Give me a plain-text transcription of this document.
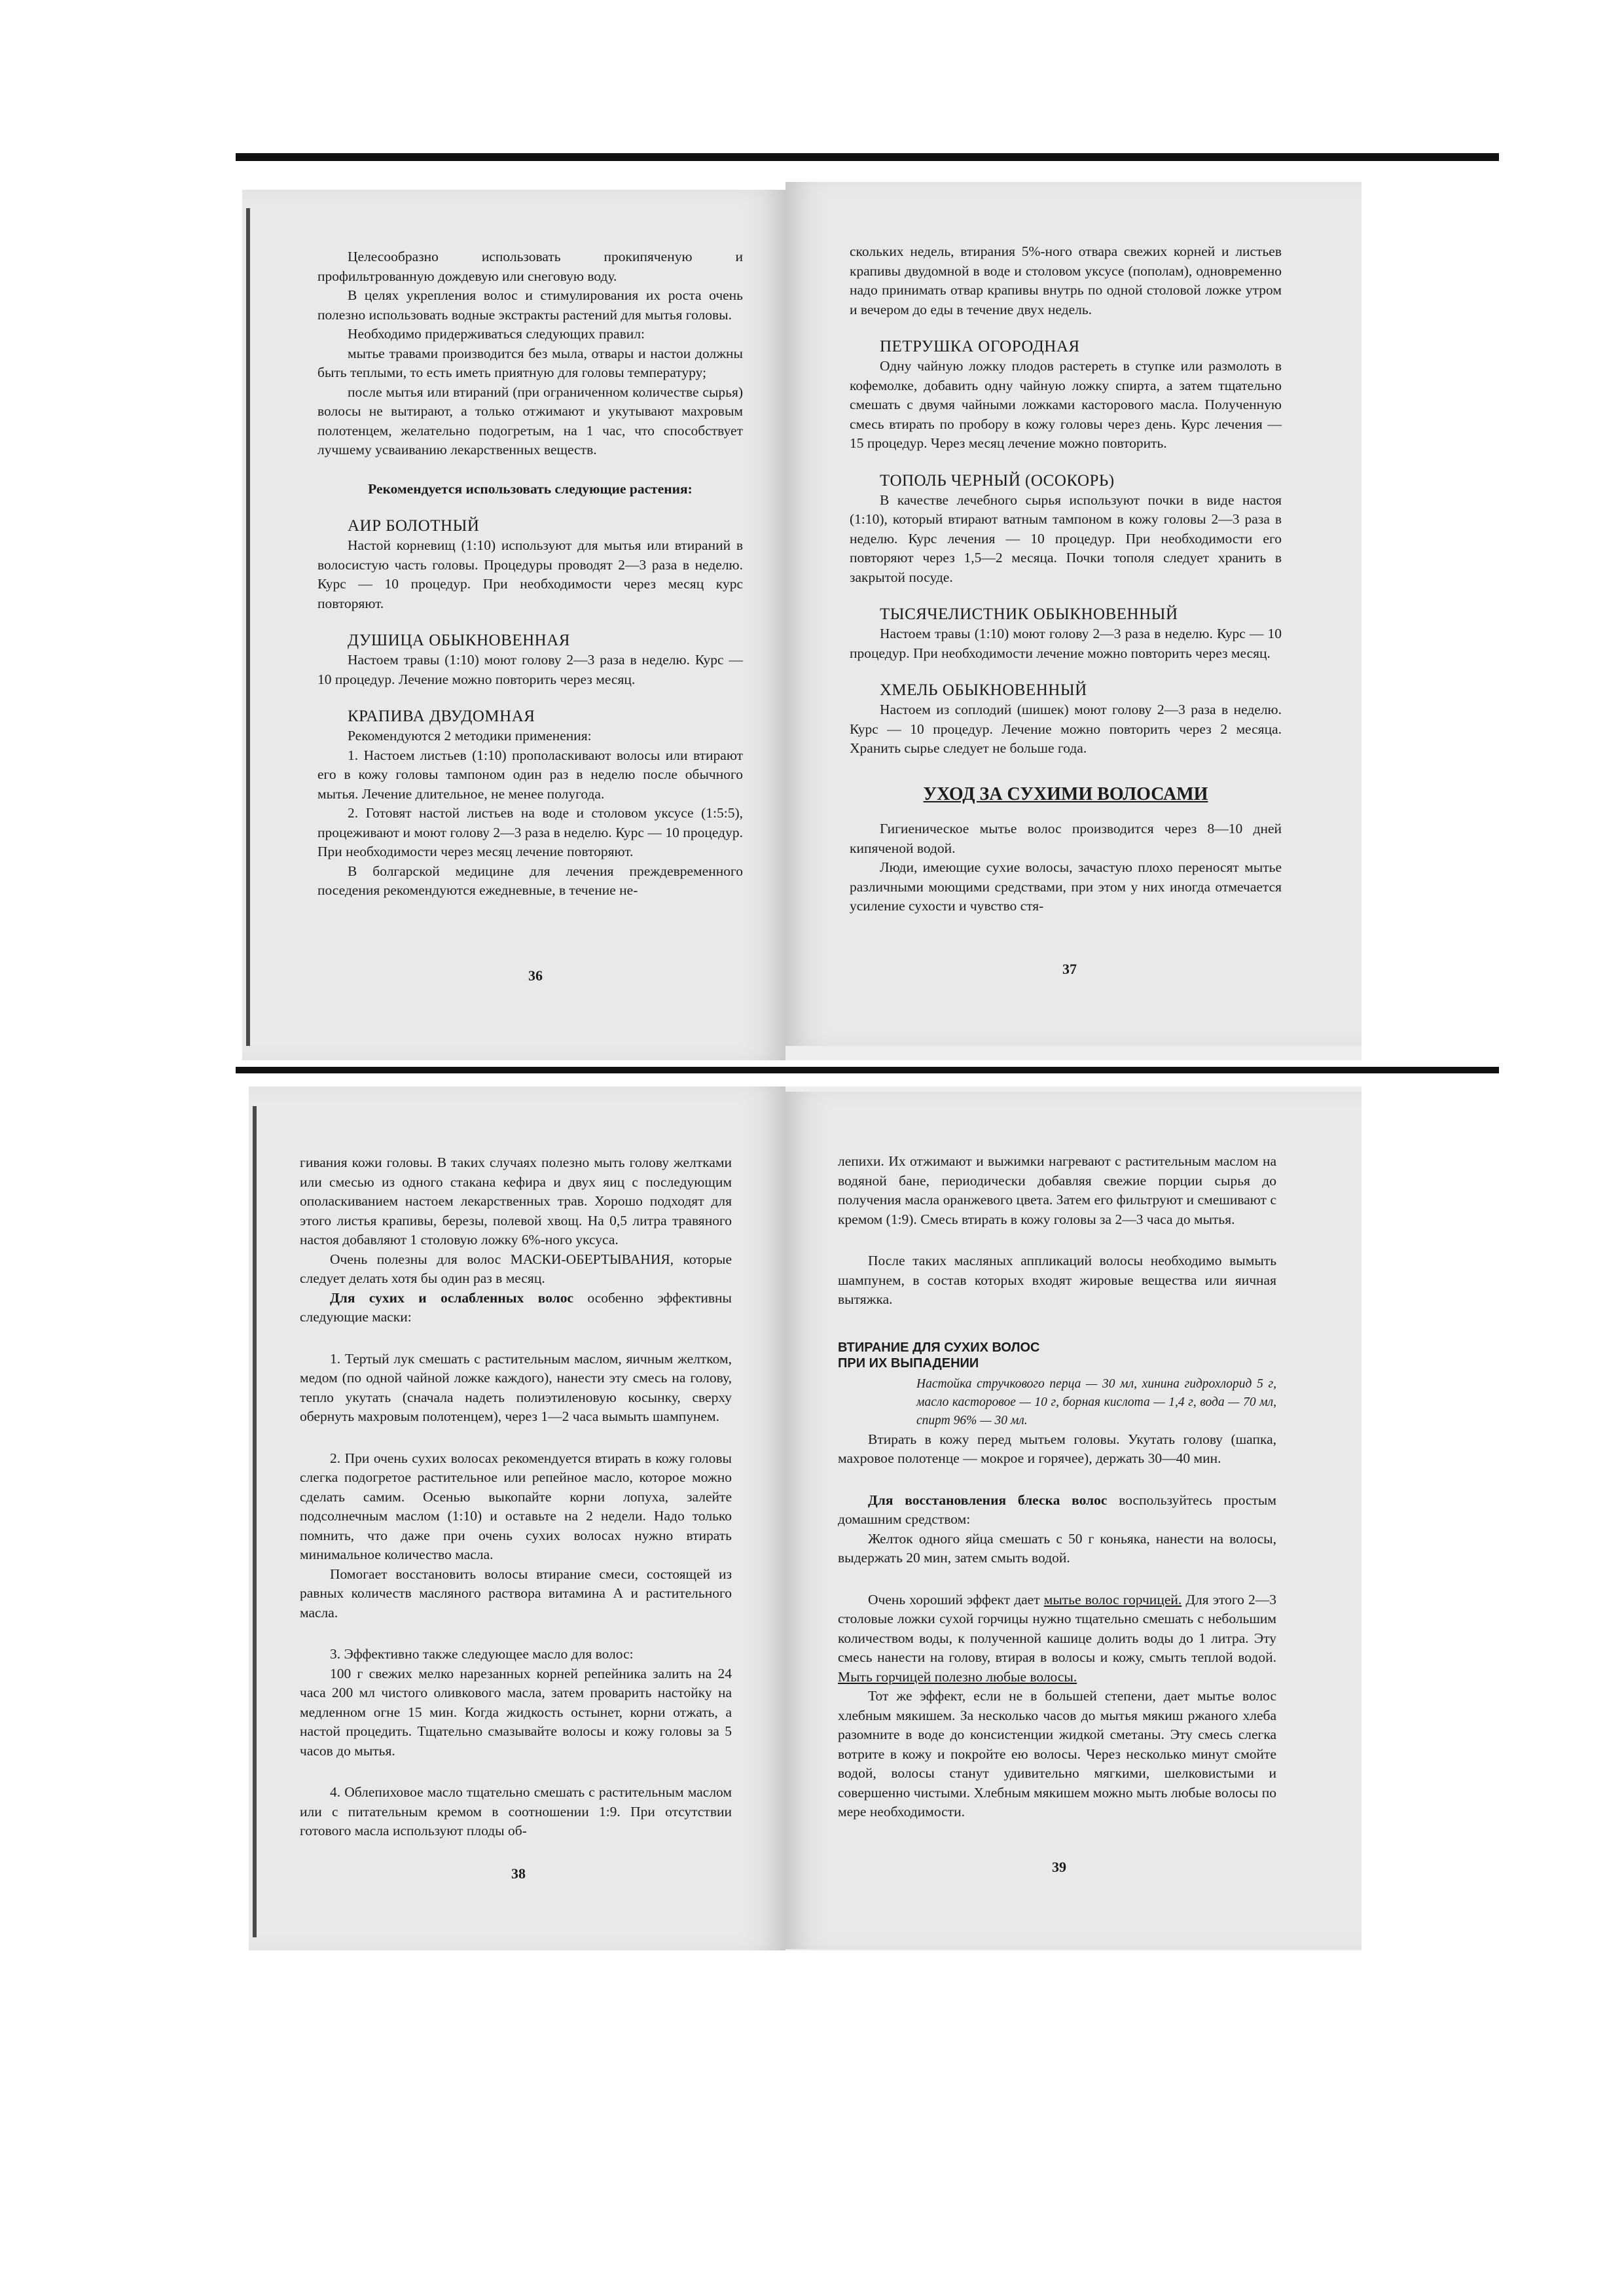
Целесообразно использовать прокипяченую и профильтрованную дождевую или снеговую воду.

В целях укрепления волос и стимулирования их роста очень полезно использовать водные экстракты растений для мытья головы.

Необходимо придерживаться следующих правил:

мытье травами производится без мыла, отвары и настои должны быть теплыми, то есть иметь приятную для головы температуру;

после мытья или втираний (при ограниченном количестве сырья) волосы не вытирают, а только отжимают и укутывают махровым полотенцем, желательно подогретым, на 1 час, что способствует лучшему усваиванию лекарственных веществ.

Рекомендуется использовать следующие растения:
АИР БОЛОТНЫЙ

Настой корневищ (1:10) используют для мытья или втираний в волосистую часть головы. Процедуры проводят 2—3 раза в неделю. Курс — 10 процедур. При необходимости через месяц курс повторяют.

ДУШИЦА ОБЫКНОВЕННАЯ

Настоем травы (1:10) моют голову 2—3 раза в неделю. Курс — 10 процедур. Лечение можно повторить через месяц.

КРАПИВА ДВУДОМНАЯ

Рекомендуются 2 методики применения:

1. Настоем листьев (1:10) прополаскивают волосы или втирают его в кожу головы тампоном один раз в неделю после обычного мытья. Лечение длительное, не менее полугода.

2. Готовят настой листьев на воде и столовом уксусе (1:5:5), процеживают и моют голову 2—3 раза в неделю. Курс — 10 процедур. При необходимости через месяц лечение повторяют.

В болгарской медицине для лечения преждевременного поседения рекомендуются ежедневные, в течение не-

36

скольких недель, втирания 5%-ного отвара свежих корней и листьев крапивы двудомной в воде и столовом уксусе (пополам), одновременно надо принимать отвар крапивы внутрь по одной столовой ложке утром и вечером до еды в течение двух недель.

ПЕТРУШКА ОГОРОДНАЯ

Одну чайную ложку плодов растереть в ступке или размолоть в кофемолке, добавить одну чайную ложку спирта, а затем тщательно смешать с двумя чайными ложками касторового масла. Полученную смесь втирать по пробору в кожу головы через день. Курс лечения — 15 процедур. Через месяц лечение можно повторить.

ТОПОЛЬ ЧЕРНЫЙ (ОСОКОРЬ)

В качестве лечебного сырья используют почки в виде настоя (1:10), который втирают ватным тампоном в кожу головы 2—3 раза в неделю. Курс лечения — 10 процедур. При необходимости его повторяют через 1,5—2 месяца. Почки тополя следует хранить в закрытой посуде.

ТЫСЯЧЕЛИСТНИК ОБЫКНОВЕННЫЙ

Настоем травы (1:10) моют голову 2—3 раза в неделю. Курс — 10 процедур. При необходимости лечение можно повторить через месяц.

ХМЕЛЬ ОБЫКНОВЕННЫЙ

Настоем из соплодий (шишек) моют голову 2—3 раза в неделю. Курс — 10 процедур. Лечение можно повторить через 2 месяца. Хранить сырье следует не больше года.

УХОД ЗА СУХИМИ ВОЛОСАМИ

Гигиеническое мытье волос производится через 8—10 дней кипяченой водой.

Люди, имеющие сухие волосы, зачастую плохо переносят мытье различными моющими средствами, при этом у них иногда отмечается усиление сухости и чувство стя-

37

гивания кожи головы. В таких случаях полезно мыть голову желтками или смесью из одного стакана кефира и двух яиц с последующим ополаскиванием настоем лекарственных трав. Хорошо подходят для этого листья крапивы, березы, полевой хвощ. На 0,5 литра травяного настоя добавляют 1 столовую ложку 6%-ного уксуса.

Очень полезны для волос МАСКИ-ОБЕРТЫВАНИЯ, которые следует делать хотя бы один раз в месяц.

Для сухих и ослабленных волос особенно эффективны следующие маски:

1. Тертый лук смешать с растительным маслом, яичным желтком, медом (по одной чайной ложке каждого), нанести эту смесь на голову, тепло укутать (сначала надеть полиэтиленовую косынку, сверху обернуть махровым полотенцем), через 1—2 часа вымыть шампунем.

2. При очень сухих волосах рекомендуется втирать в кожу головы слегка подогретое растительное или репейное масло, которое можно сделать самим. Осенью выкопайте корни лопуха, залейте подсолнечным маслом (1:10) и оставьте на 2 недели. Надо только помнить, что даже при очень сухих волосах нужно втирать минимальное количество масла.

Помогает восстановить волосы втирание смеси, состоящей из равных количеств масляного раствора витамина А и растительного масла.

3. Эффективно также следующее масло для волос:

100 г свежих мелко нарезанных корней репейника залить на 24 часа 200 мл чистого оливкового масла, затем проварить настойку на медленном огне 15 мин. Когда жидкость остынет, корни отжать, а настой процедить. Тщательно смазывайте волосы и кожу головы за 5 часов до мытья.

4. Облепиховое масло тщательно смешать с растительным маслом или с питательным кремом в соотношении 1:9. При отсутствии готового масла используют плоды об-

38

лепихи. Их отжимают и выжимки нагревают с растительным маслом на водяной бане, периодически добавляя свежие порции сырья до получения масла оранжевого цвета. Затем его фильтруют и смешивают с кремом (1:9). Смесь втирать в кожу головы за 2—3 часа до мытья.

После таких масляных аппликаций волосы необходимо вымыть шампунем, в состав которых входят жировые вещества или яичная вытяжка.

ВТИРАНИЕ ДЛЯ СУХИХ ВОЛОС
ПРИ ИХ ВЫПАДЕНИИ

Настойка стручкового перца — 30 мл, хинина гидрохлорид 5 г, масло касторовое — 10 г, борная кислота — 1,4 г, вода — 70 мл, спирт 96% — 30 мл.

Втирать в кожу перед мытьем головы. Укутать голову (шапка, махровое полотенце — мокрое и горячее), держать 30—40 мин.

Для восстановления блеска волос воспользуйтесь простым домашним средством:

Желток одного яйца смешать с 50 г коньяка, нанести на волосы, выдержать 20 мин, затем смыть водой.

Очень хороший эффект дает мытье волос горчицей. Для этого 2—3 столовые ложки сухой горчицы нужно тщательно смешать с небольшим количеством воды, к полученной кашице долить воды до 1 литра. Эту смесь нанести на голову, втирая в волосы и кожу, смыть теплой водой. Мыть горчицей полезно любые волосы.

Тот же эффект, если не в большей степени, дает мытье волос хлебным мякишем. За несколько часов до мытья мякиш ржаного хлеба разомните в воде до консистенции жидкой сметаны. Эту смесь слегка вотрите в кожу и покройте ею волосы. Через несколько минут смойте водой, волосы станут удивительно мягкими, шелковистыми и совершенно чистыми. Хлебным мякишем можно мыть любые волосы по мере необходимости.

39
